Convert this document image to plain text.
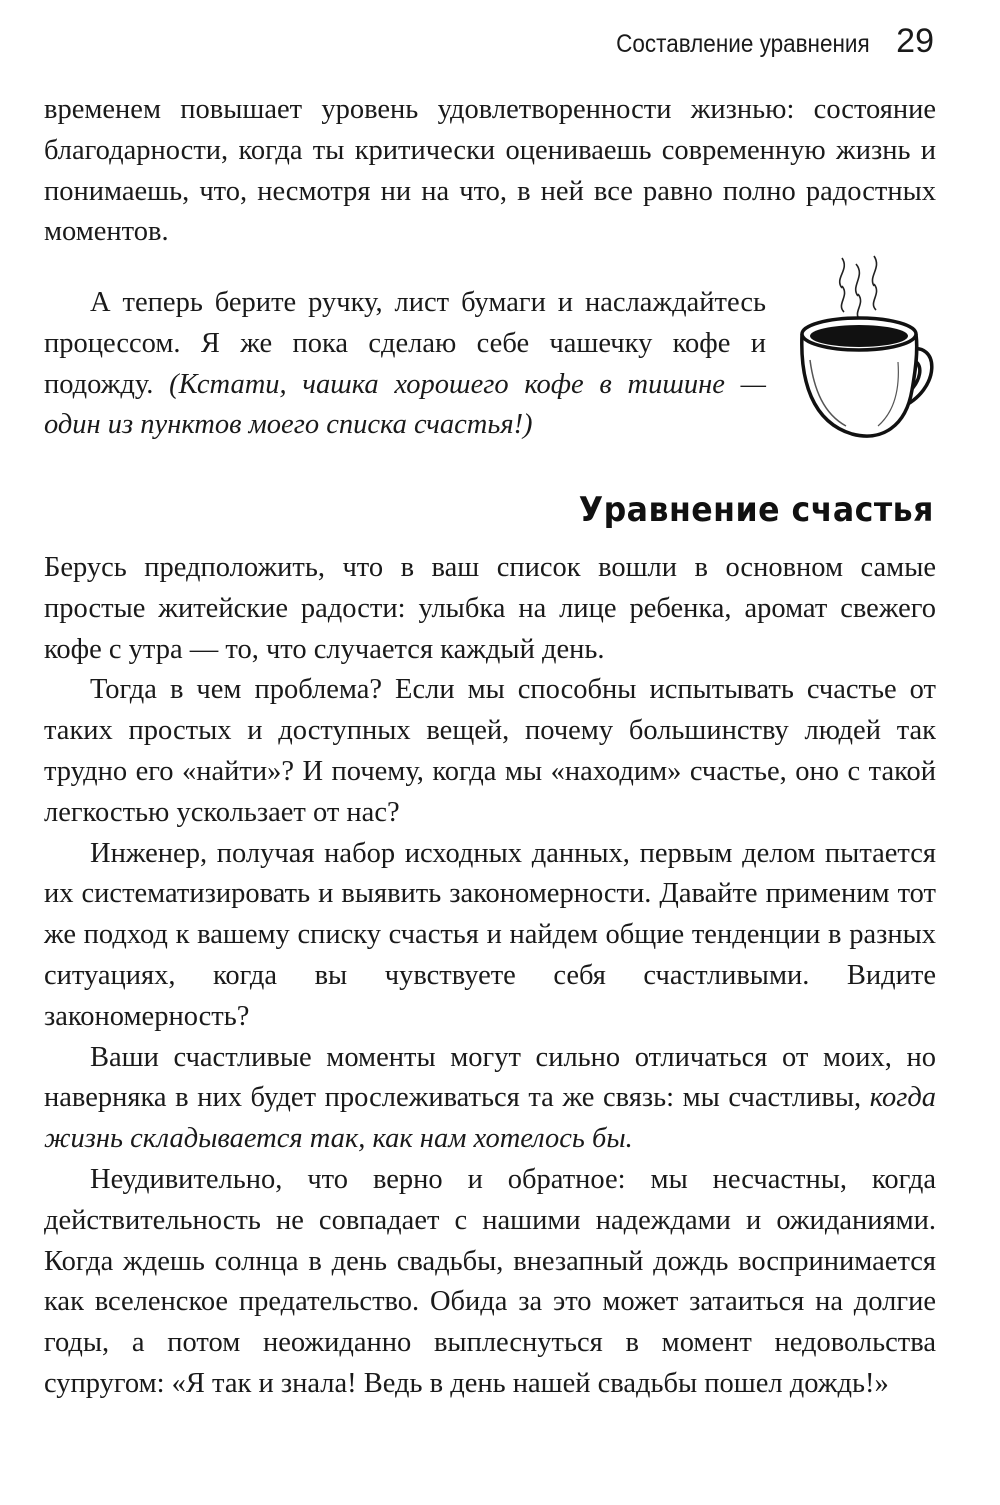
Составление уравнения 29

временем повышает уровень удовлетворенности жизнью: состояние благодарности, когда ты критически оцениваешь современную жизнь и понимаешь, что, несмотря ни на что, в ней все равно полно радостных моментов.

А теперь берите ручку, лист бумаги и наслаждайтесь процессом. Я же пока сделаю себе чашечку кофе и подожду. (Кстати, чашка хорошего кофе в тишине — один из пунктов моего списка счастья!)

Уравнение счастья

Берусь предположить, что в ваш список вошли в основном самые простые житейские радости: улыбка на лице ребенка, аромат свежего кофе с утра — то, что случается каждый день.

Тогда в чем проблема? Если мы способны испытывать счастье от таких простых и доступных вещей, почему большинству людей так трудно его «найти»? И почему, когда мы «находим» счастье, оно с такой легкостью ускользает от нас?

Инженер, получая набор исходных данных, первым делом пытается их систематизировать и выявить закономерности. Давайте применим тот же подход к вашему списку счастья и найдем общие тенденции в разных ситуациях, когда вы чувствуете себя счастливыми. Видите закономерность?

Ваши счастливые моменты могут сильно отличаться от моих, но наверняка в них будет прослеживаться та же связь: мы счастливы, когда жизнь складывается так, как нам хотелось бы.

Неудивительно, что верно и обратное: мы несчастны, когда действительность не совпадает с нашими надеждами и ожиданиями. Когда ждешь солнца в день свадьбы, внезапный дождь воспринимается как вселенское предательство. Обида за это может затаиться на долгие годы, а потом неожиданно выплеснуться в момент недовольства супругом: «Я так и знала! Ведь в день нашей свадьбы пошел дождь!»
